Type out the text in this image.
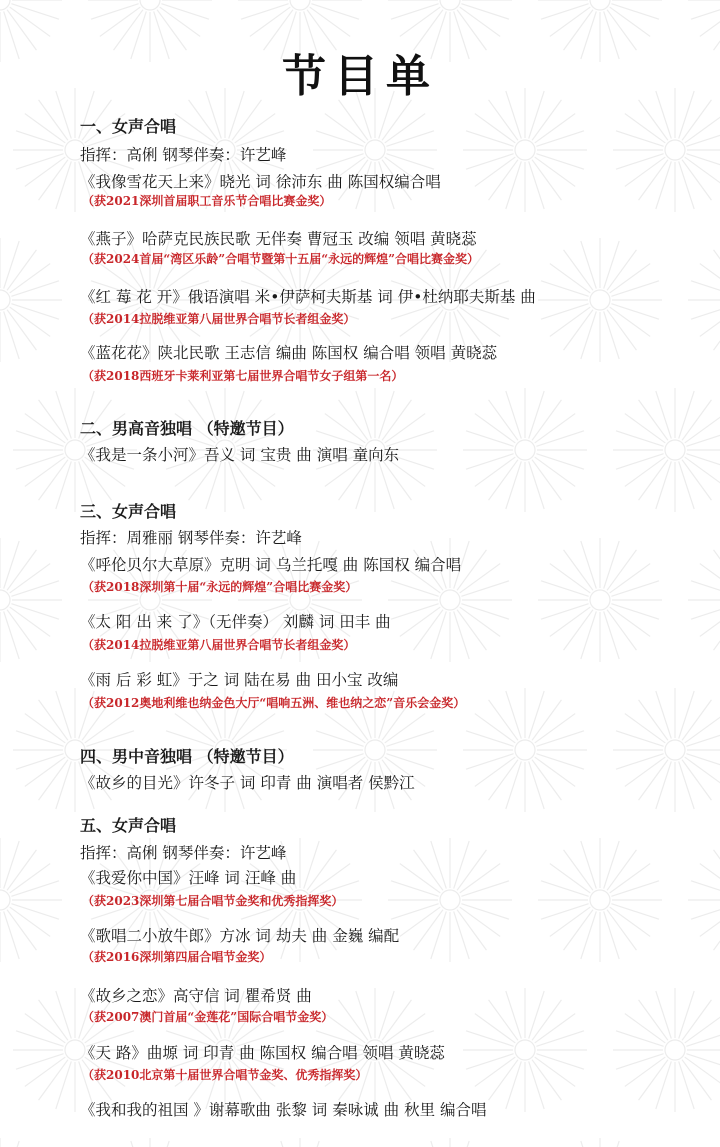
节目单
一、女声合唱
指挥：高俐 钢琴伴奏：许艺峰
《我像雪花天上来》晓光 词 徐沛东 曲 陈国权编合唱
（获2021深圳首届职工音乐节合唱比赛金奖）
《燕子》哈萨克民族民歌 无伴奏 曹冠玉 改编 领唱 黄晓蕊
（获2024首届“湾区乐龄”合唱节暨第十五届“永远的辉煌”合唱比赛金奖）
《红 莓 花 开》俄语演唱 米•伊萨柯夫斯基 词 伊•杜纳耶夫斯基 曲
（获2014拉脱维亚第八届世界合唱节长者组金奖）
《蓝花花》陕北民歌 王志信 编曲 陈国权 编合唱 领唱 黄晓蕊
（获2018西班牙卡莱利亚第七届世界合唱节女子组第一名）
二、男高音独唱 （特邀节目）
《我是一条小河》吾义 词 宝贵 曲 演唱 童向东
三、女声合唱
指挥：周雅丽 钢琴伴奏：许艺峰
《呼伦贝尔大草原》克明 词 乌兰托嘎 曲 陈国权 编合唱
（获2018深圳第十届“永远的辉煌”合唱比赛金奖）
《太 阳 出 来 了》（无伴奏） 刘麟 词 田丰 曲
（获2014拉脱维亚第八届世界合唱节长者组金奖）
《雨 后 彩 虹》于之 词 陆在易 曲 田小宝 改编
（获2012奥地利维也纳金色大厅“唱响五洲、维也纳之恋”音乐会金奖）
四、男中音独唱 （特邀节目）
《故乡的目光》许冬子 词 印青 曲 演唱者 侯黔江
五、女声合唱
指挥：高俐 钢琴伴奏：许艺峰
《我爱你中国》汪峰 词 汪峰 曲
（获2023深圳第七届合唱节金奖和优秀指挥奖）
《歌唱二小放牛郎》方冰 词 劫夫 曲 金巍 编配
（获2016深圳第四届合唱节金奖）
《故乡之恋》高守信 词 瞿希贤 曲
（获2007澳门首届“金莲花”国际合唱节金奖）
《天 路》曲塬 词 印青 曲 陈国权 编合唱 领唱 黄晓蕊
（获2010北京第十届世界合唱节金奖、优秀指挥奖）
《我和我的祖国 》谢幕歌曲 张黎 词 秦咏诚 曲 秋里 编合唱
